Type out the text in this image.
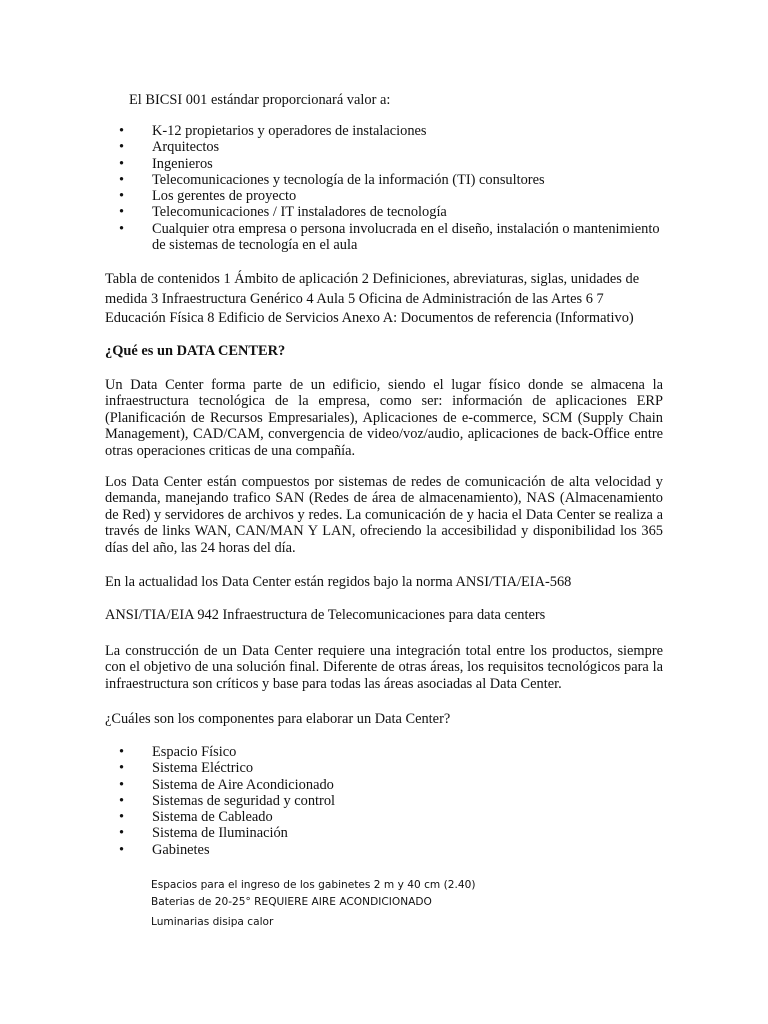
El BICSI 001 estándar proporcionará valor a:

• K-12 propietarios y operadores de instalaciones
• Arquitectos
• Ingenieros
• Telecomunicaciones y tecnología de la información (TI) consultores
• Los gerentes de proyecto
• Telecomunicaciones / IT instaladores de tecnología
• Cualquier otra empresa o persona involucrada en el diseño, instalación o mantenimiento de sistemas de tecnología en el aula

Tabla de contenidos 1 Ámbito de aplicación 2 Definiciones, abreviaturas, siglas, unidades de medida 3 Infraestructura Genérico 4 Aula 5 Oficina de Administración de las Artes 6 7 Educación Física 8 Edificio de Servicios Anexo A: Documentos de referencia (Informativo)

¿Qué es un DATA CENTER?

Un Data Center forma parte de un edificio, siendo el lugar físico donde se almacena la infraestructura tecnológica de la empresa, como ser: información de aplicaciones ERP (Planificación de Recursos Empresariales), Aplicaciones de e-commerce, SCM (Supply Chain Management), CAD/CAM, convergencia de video/voz/audio, aplicaciones de back-Office entre otras operaciones criticas de una compañía.

Los Data Center están compuestos por sistemas de redes de comunicación de alta velocidad y demanda, manejando trafico SAN (Redes de área de almacenamiento), NAS (Almacenamiento de Red) y servidores de archivos y redes. La comunicación de y hacia el Data Center se realiza a través de links WAN, CAN/MAN Y LAN, ofreciendo la accesibilidad y disponibilidad los 365 días del año, las 24 horas del día.

En la actualidad los Data Center están regidos bajo la norma ANSI/TIA/EIA-568

ANSI/TIA/EIA 942 Infraestructura de Telecomunicaciones para data centers

La construcción de un Data Center requiere una integración total entre los productos, siempre con el objetivo de una solución final. Diferente de otras áreas, los requisitos tecnológicos para la infraestructura son críticos y base para todas las áreas asociadas al Data Center.

¿Cuáles son los componentes para elaborar un Data Center?

• Espacio Físico
• Sistema Eléctrico
• Sistema de Aire Acondicionado
• Sistemas de seguridad y control
• Sistema de Cableado
• Sistema de Iluminación
• Gabinetes

Espacios para el ingreso de los gabinetes 2 m y 40 cm (2.40)

Baterias de 20-25° REQUIERE AIRE ACONDICIONADO

Luminarias disipa calor
